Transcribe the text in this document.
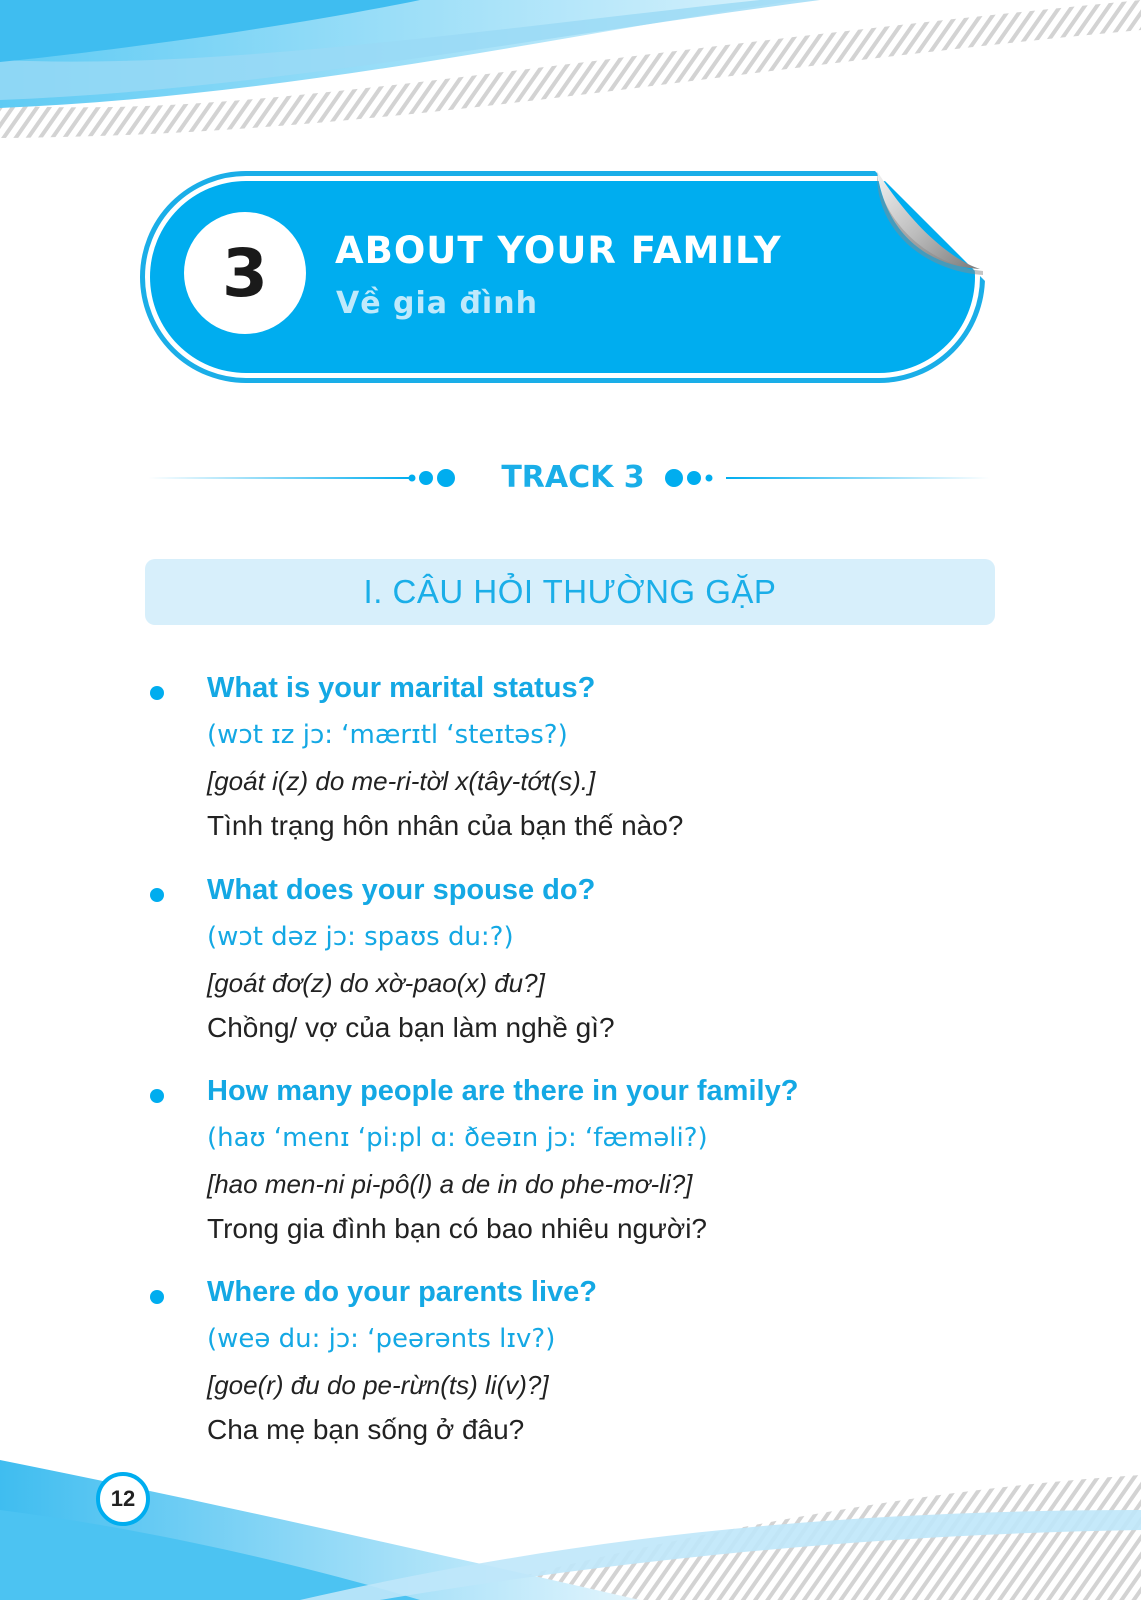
3	ABOUT YOUR FAMILY
Về gia đình
TRACK 3
I. CÂU HỎI THƯỜNG GẶP
What is your marital status?
(wɔt ɪz jɔ: ‘mærɪtl ‘steɪtəs?)
[goát i(z) do me-ri-tờl x(tây-tớt(s).]
Tình trạng hôn nhân của bạn thế nào?
What does your spouse do?
(wɔt dəz jɔ: spaʊs du:?)
[goát đơ(z) do xờ-pao(x) đu?]
Chồng/ vợ của bạn làm nghề gì?
How many people are there in your family?
(haʊ ‘menɪ ‘pi:pl ɑ: ðeəɪn jɔ: ‘fæməli?)
[hao men-ni pi-pô(l) a de in do phe-mơ-li?]
Trong gia đình bạn có bao nhiêu người?
Where do your parents live?
(weə du: jɔ: ‘peərənts lɪv?)
[goe(r) đu do pe-rừn(ts) li(v)?]
Cha mẹ bạn sống ở đâu?
12
